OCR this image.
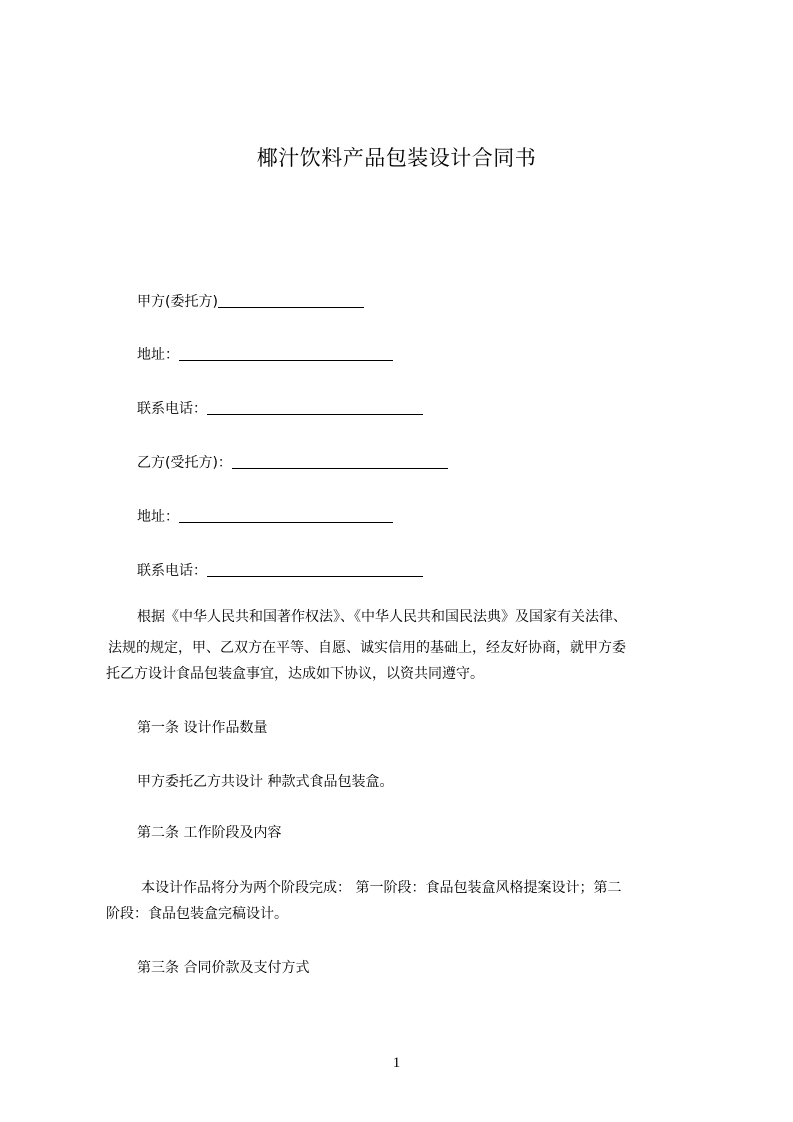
椰汁饮料产品包装设计合同书
甲方(委托方)
地址：
联系电话：
乙方(受托方)：
地址：
联系电话：
根据《中华人民共和国著作权法》、《中华人民共和国民法典》及国家有关法律、
法规的规定，甲、乙双方在平等、自愿、诚实信用的基础上，经友好协商，就甲方委
托乙方设计食品包装盒事宜，达成如下协议，以资共同遵守。
第一条 设计作品数量
甲方委托乙方共设计 种款式食品包装盒。
第二条 工作阶段及内容
本设计作品将分为两个阶段完成： 第一阶段：食品包装盒风格提案设计；第二
阶段：食品包装盒完稿设计。
第三条 合同价款及支付方式
1
